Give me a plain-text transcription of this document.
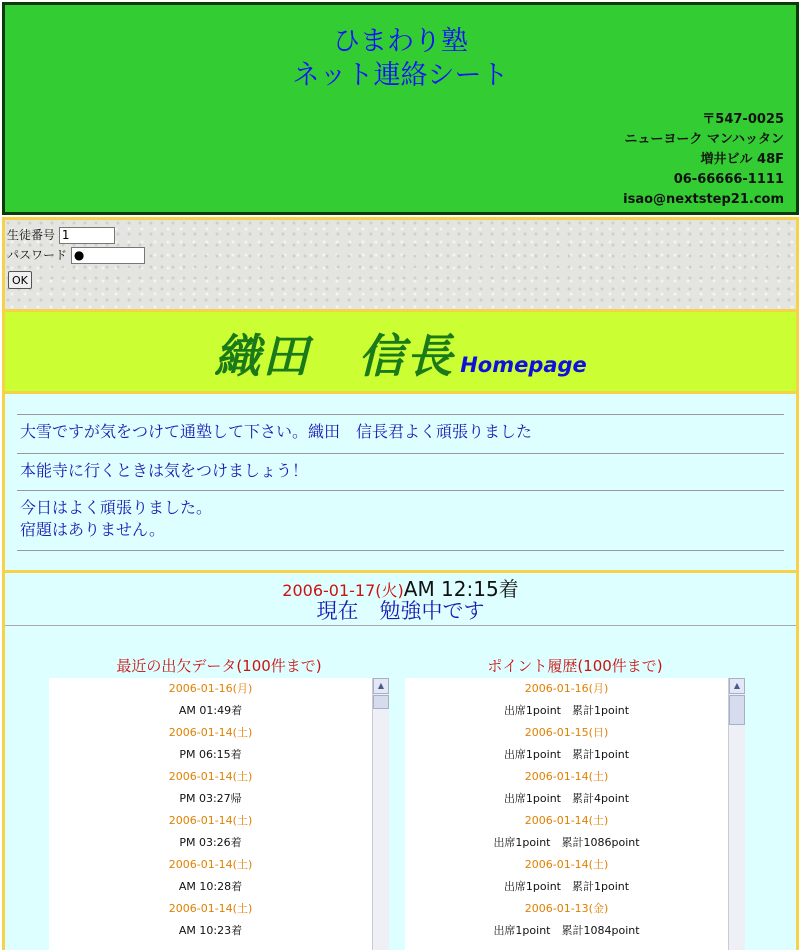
ひまわり塾
ネット連絡シート
〒547-0025
ニューヨーク マンハッタン
増井ビル 48F
06-66666-1111
isao@nextstep21.com
生徒番号 1
パスワード ●
OK
織田　信長 Homepage
大雪ですが気をつけて通塾して下さい。織田　信長君よく頑張りました
本能寺に行くときは気をつけましょう！
今日はよく頑張りました。
宿題はありません。
2006-01-17(火)AM 12:15着
現在　勉強中です
最近の出欠データ(100件まで)
2006-01-16(月)
AM 01:49着
2006-01-14(土)
PM 06:15着
2006-01-14(土)
PM 03:27帰
2006-01-14(土)
PM 03:26着
2006-01-14(土)
AM 10:28着
2006-01-14(土)
AM 10:23着
▲
ポイント履歴(100件まで)
2006-01-16(月)
出席1point　累計1point
2006-01-15(日)
出席1point　累計1point
2006-01-14(土)
出席1point　累計4point
2006-01-14(土)
出席1point　累計1086point
2006-01-14(土)
出席1point　累計1point
2006-01-13(金)
出席1point　累計1084point
▲
